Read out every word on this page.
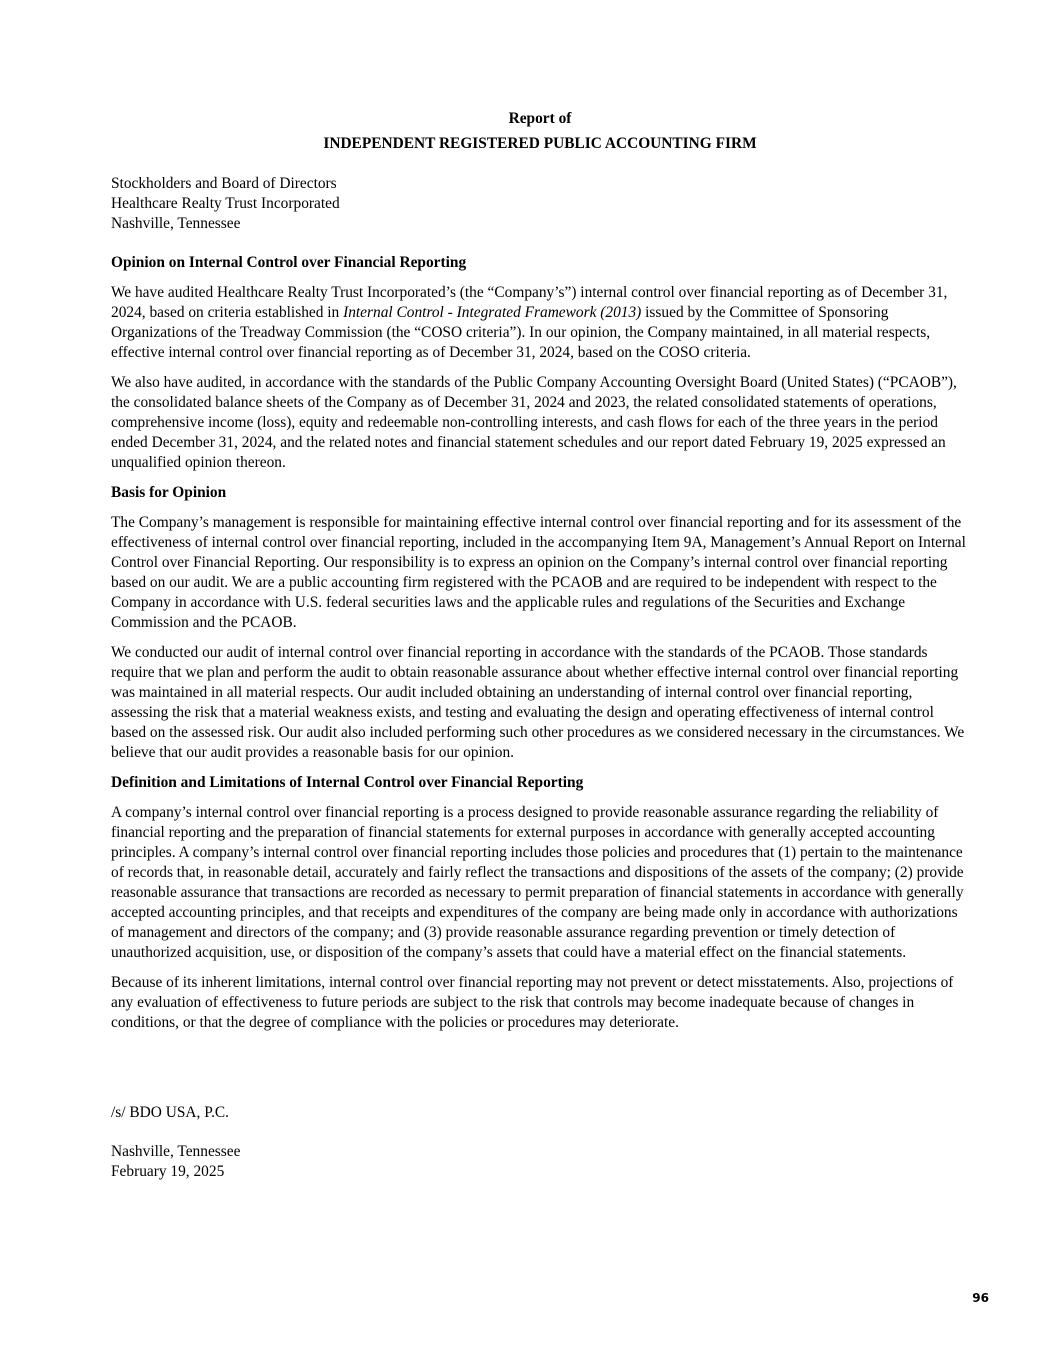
Report of

INDEPENDENT REGISTERED PUBLIC ACCOUNTING FIRM

Stockholders and Board of Directors
Healthcare Realty Trust Incorporated
Nashville, Tennessee

Opinion on Internal Control over Financial Reporting

We have audited Healthcare Realty Trust Incorporated’s (the “Company’s”) internal control over financial reporting as of December 31, 2024, based on criteria established in Internal Control - Integrated Framework (2013) issued by the Committee of Sponsoring Organizations of the Treadway Commission (the “COSO criteria”). In our opinion, the Company maintained, in all material respects, effective internal control over financial reporting as of December 31, 2024, based on the COSO criteria.

We also have audited, in accordance with the standards of the Public Company Accounting Oversight Board (United States) (“PCAOB”), the consolidated balance sheets of the Company as of December 31, 2024 and 2023, the related consolidated statements of operations, comprehensive income (loss), equity and redeemable non-controlling interests, and cash flows for each of the three years in the period ended December 31, 2024, and the related notes and financial statement schedules and our report dated February 19, 2025 expressed an unqualified opinion thereon.

Basis for Opinion

The Company’s management is responsible for maintaining effective internal control over financial reporting and for its assessment of the effectiveness of internal control over financial reporting, included in the accompanying Item 9A, Management’s Annual Report on Internal Control over Financial Reporting. Our responsibility is to express an opinion on the Company’s internal control over financial reporting based on our audit. We are a public accounting firm registered with the PCAOB and are required to be independent with respect to the Company in accordance with U.S. federal securities laws and the applicable rules and regulations of the Securities and Exchange Commission and the PCAOB.

We conducted our audit of internal control over financial reporting in accordance with the standards of the PCAOB. Those standards require that we plan and perform the audit to obtain reasonable assurance about whether effective internal control over financial reporting was maintained in all material respects. Our audit included obtaining an understanding of internal control over financial reporting, assessing the risk that a material weakness exists, and testing and evaluating the design and operating effectiveness of internal control based on the assessed risk. Our audit also included performing such other procedures as we considered necessary in the circumstances. We believe that our audit provides a reasonable basis for our opinion.

Definition and Limitations of Internal Control over Financial Reporting

A company’s internal control over financial reporting is a process designed to provide reasonable assurance regarding the reliability of financial reporting and the preparation of financial statements for external purposes in accordance with generally accepted accounting principles. A company’s internal control over financial reporting includes those policies and procedures that (1) pertain to the maintenance of records that, in reasonable detail, accurately and fairly reflect the transactions and dispositions of the assets of the company; (2) provide reasonable assurance that transactions are recorded as necessary to permit preparation of financial statements in accordance with generally accepted accounting principles, and that receipts and expenditures of the company are being made only in accordance with authorizations of management and directors of the company; and (3) provide reasonable assurance regarding prevention or timely detection of unauthorized acquisition, use, or disposition of the company’s assets that could have a material effect on the financial statements.

Because of its inherent limitations, internal control over financial reporting may not prevent or detect misstatements. Also, projections of any evaluation of effectiveness to future periods are subject to the risk that controls may become inadequate because of changes in conditions, or that the degree of compliance with the policies or procedures may deteriorate.

/s/ BDO USA, P.C.

Nashville, Tennessee
February 19, 2025
96
